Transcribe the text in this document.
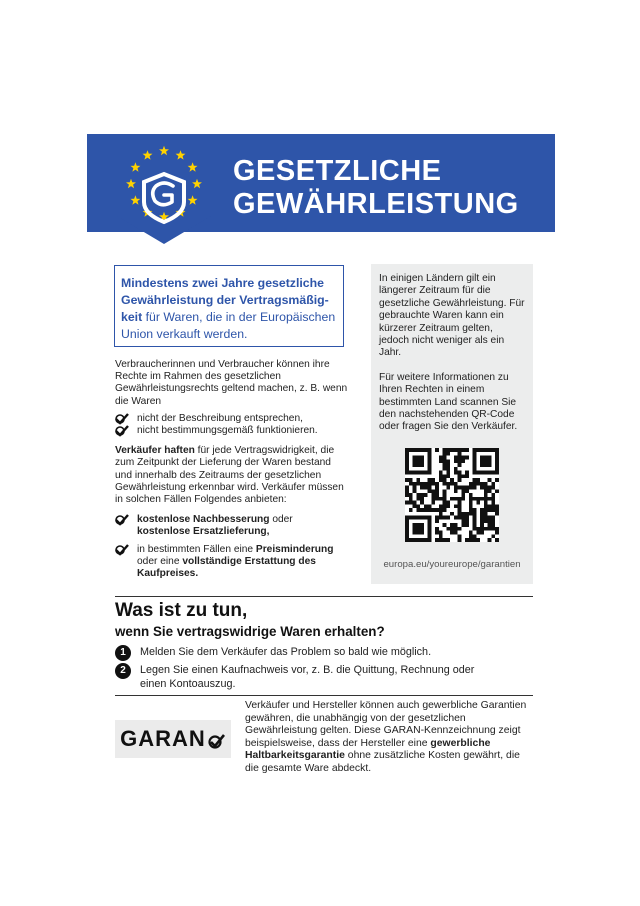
GESETZLICHE
GEWÄHRLEISTUNG
Mindestens zwei Jahre gesetzliche Gewährleistung der Vertragsmäßig-
keit für Waren, die in der Europäischen Union verkauft werden.

Verbraucherinnen und Verbraucher können ihre Rechte im Rahmen des gesetzlichen Gewährleistungsrechts geltend machen, z. B. wenn die Waren

nicht der Beschreibung entsprechen,
nicht bestimmungsgemäß funktionieren.

Verkäufer haften für jede Vertragswidrigkeit, die zum Zeitpunkt der Lieferung der Waren bestand und innerhalb des Zeitraums der gesetzlichen Gewährleistung erkennbar wird. Verkäufer müssen in solchen Fällen Folgendes anbieten:

kostenlose Nachbesserung oder
kostenlose Ersatzlieferung,
in bestimmten Fällen eine Preisminderung
oder eine vollständige Erstattung des Kaufpreises.

In einigen Ländern gilt ein längerer Zeitraum für die gesetzliche Gewährleistung. Für gebrauchte Waren kann ein kürzerer Zeitraum gelten, jedoch nicht weniger als ein Jahr.

Für weitere Informationen zu Ihren Rechten in einem bestimmten Land scannen Sie den nachstehenden QR-Code oder fragen Sie den Verkäufer.

europa.eu/youreurope/garantien
Was ist zu tun,
wenn Sie vertragswidrige Waren erhalten?
1	Melden Sie dem Verkäufer das Problem so bald wie möglich.
2	Legen Sie einen Kaufnachweis vor, z. B. die Quittung, Rechnung oder einen Kontoauszug.
GARAN
Verkäufer und Hersteller können auch gewerbliche Garantien gewähren, die unabhängig von der gesetzlichen Gewährleistung gelten. Diese GARAN-Kennzeichnung zeigt beispielsweise, dass der Hersteller eine gewerbliche Haltbarkeitsgarantie ohne zusätzliche Kosten gewährt, die die gesamte Ware abdeckt.
